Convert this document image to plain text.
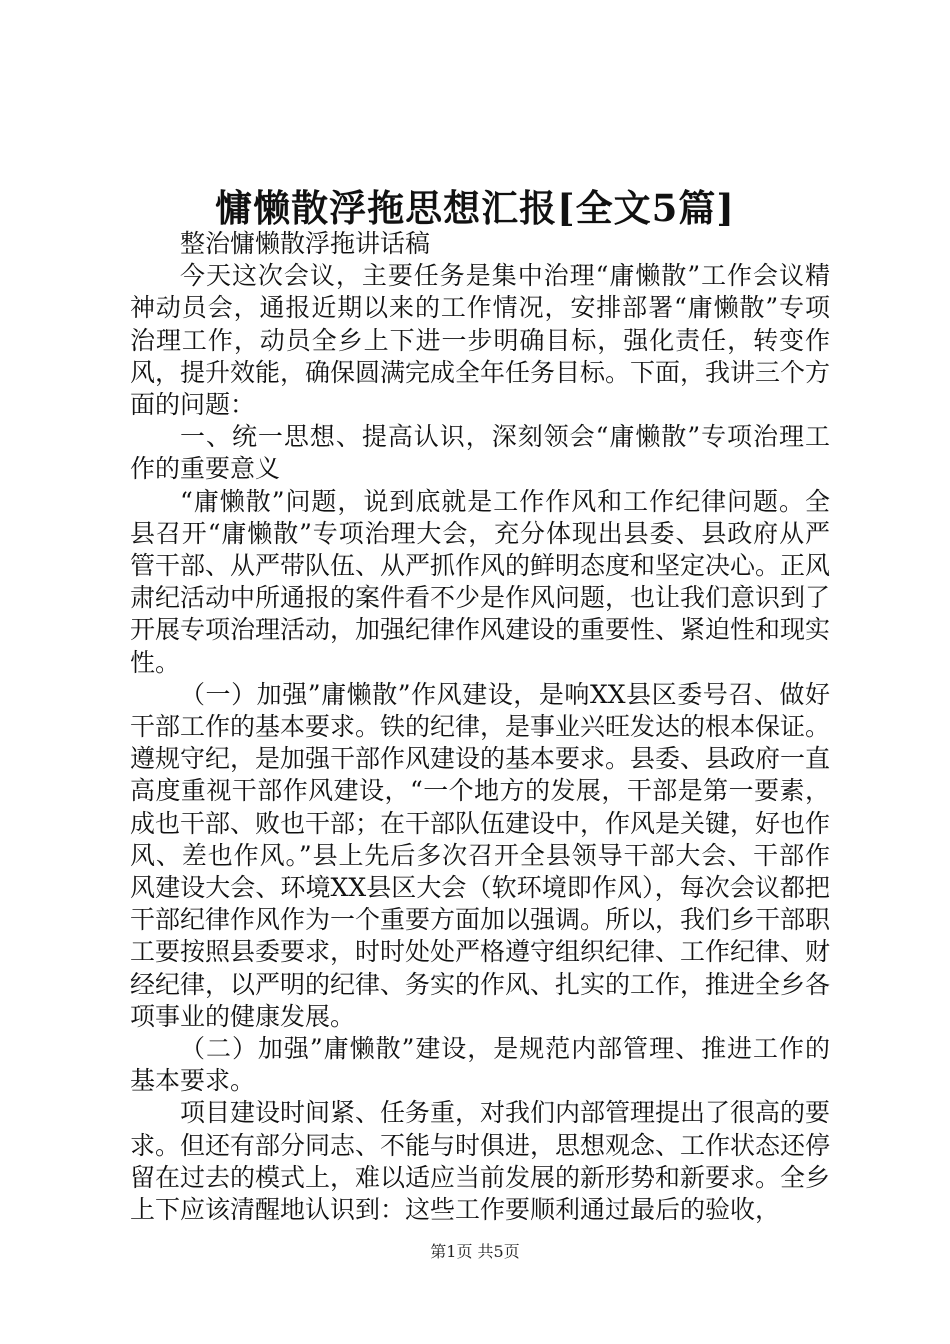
慵懒散浮拖思想汇报[全文5篇]

整治慵懒散浮拖讲话稿

今天这次会议，主要任务是集中治理“庸懒散”工作会议精神动员会，通报近期以来的工作情况，安排部署“庸懒散”专项治理工作，动员全乡上下进一步明确目标，强化责任，转变作风，提升效能，确保圆满完成全年任务目标。下面，我讲三个方面的问题：

一、统一思想、提高认识，深刻领会“庸懒散”专项治理工作的重要意义

“庸懒散”问题，说到底就是工作作风和工作纪律问题。全县召开“庸懒散”专项治理大会，充分体现出县委、县政府从严管干部、从严带队伍、从严抓作风的鲜明态度和坚定决心。正风肃纪活动中所通报的案件看不少是作风问题，也让我们意识到了开展专项治理活动，加强纪律作风建设的重要性、紧迫性和现实性。

（一）加强”庸懒散”作风建设，是响XX县区委号召、做好干部工作的基本要求。铁的纪律，是事业兴旺发达的根本保证。遵规守纪，是加强干部作风建设的基本要求。县委、县政府一直高度重视干部作风建设，“一个地方的发展，干部是第一要素，成也干部、败也干部；在干部队伍建设中，作风是关键，好也作风、差也作风。”县上先后多次召开全县领导干部大会、干部作风建设大会、环境XX县区大会（软环境即作风），每次会议都把干部纪律作风作为一个重要方面加以强调。所以，我们乡干部职工要按照县委要求，时时处处严格遵守组织纪律、工作纪律、财经纪律，以严明的纪律、务实的作风、扎实的工作，推进全乡各项事业的健康发展。

（二）加强”庸懒散”建设，是规范内部管理、推进工作的基本要求。

项目建设时间紧、任务重，对我们内部管理提出了很高的要求。但还有部分同志、不能与时俱进，思想观念、工作状态还停留在过去的模式上，难以适应当前发展的新形势和新要求。全乡上下应该清醒地认识到：这些工作要顺利通过最后的验收，

第1页 共5页
